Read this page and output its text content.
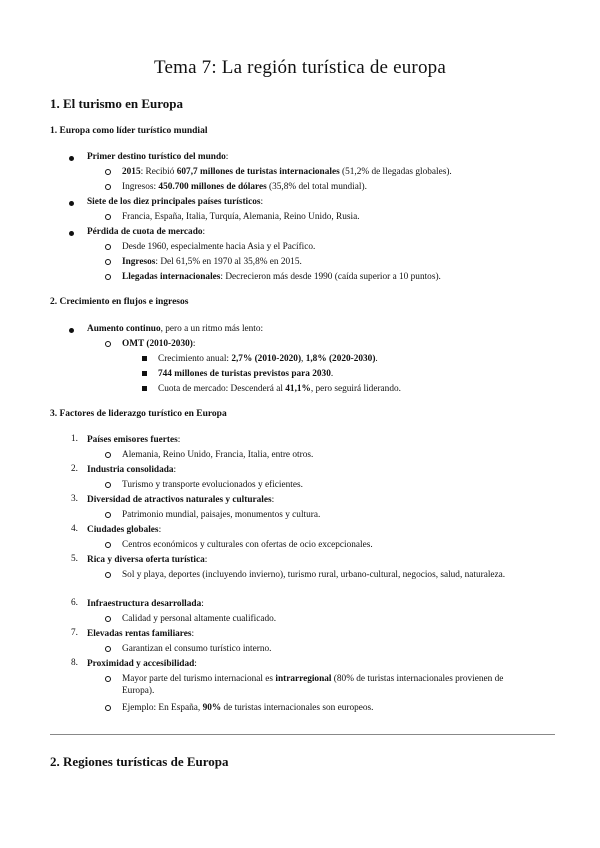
Tema 7: La región turística de europa
1. El turismo en Europa
1. Europa como líder turístico mundial
Primer destino turístico del mundo:
2015: Recibió 607,7 millones de turistas internacionales (51,2% de llegadas globales).
Ingresos: 450.700 millones de dólares (35,8% del total mundial).
Siete de los diez principales países turísticos:
Francia, España, Italia, Turquía, Alemania, Reino Unido, Rusia.
Pérdida de cuota de mercado:
Desde 1960, especialmente hacia Asia y el Pacífico.
Ingresos: Del 61,5% en 1970 al 35,8% en 2015.
Llegadas internacionales: Decrecieron más desde 1990 (caída superior a 10 puntos).
2. Crecimiento en flujos e ingresos
Aumento continuo, pero a un ritmo más lento:
OMT (2010-2030):
Crecimiento anual: 2,7% (2010-2020), 1,8% (2020-2030).
744 millones de turistas previstos para 2030.
Cuota de mercado: Descenderá al 41,1%, pero seguirá liderando.
3. Factores de liderazgo turístico en Europa
1. Países emisores fuertes:
Alemania, Reino Unido, Francia, Italia, entre otros.
2. Industria consolidada:
Turismo y transporte evolucionados y eficientes.
3. Diversidad de atractivos naturales y culturales:
Patrimonio mundial, paisajes, monumentos y cultura.
4. Ciudades globales:
Centros económicos y culturales con ofertas de ocio excepcionales.
5. Rica y diversa oferta turística:
Sol y playa, deportes (incluyendo invierno), turismo rural, urbano-cultural, negocios, salud, naturaleza.
6. Infraestructura desarrollada:
Calidad y personal altamente cualificado.
7. Elevadas rentas familiares:
Garantizan el consumo turístico interno.
8. Proximidad y accesibilidad:
Mayor parte del turismo internacional es intrarregional (80% de turistas internacionales provienen de Europa).
Ejemplo: En España, 90% de turistas internacionales son europeos.
2. Regiones turísticas de Europa
